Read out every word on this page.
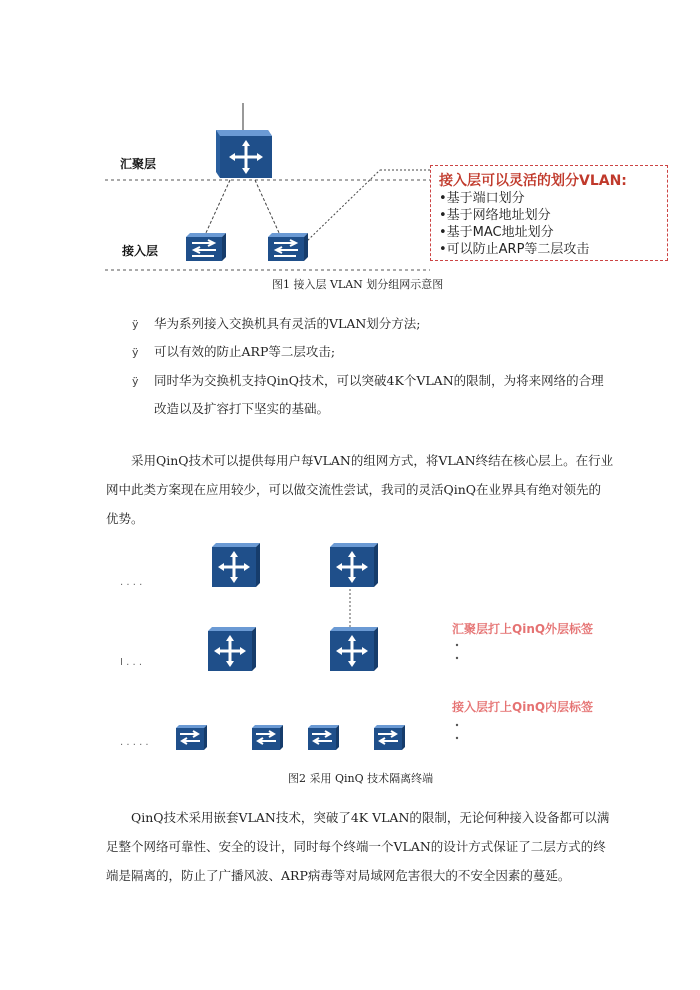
汇聚层
接入层
接入层可以灵活的划分VLAN:
•基于端口划分
•基于网络地址划分
•基于MAC地址划分
•可以防止ARP等二层攻击
图1 接入层 VLAN 划分组网示意图
ÿ 华为系列接入交换机具有灵活的VLAN划分方法;
ÿ 可以有效的防止ARP等二层攻击;
ÿ 同时华为交换机支持QinQ技术，可以突破4K个VLAN的限制，为将来网络的合理
改造以及扩容打下坚实的基础。
采用QinQ技术可以提供每用户每VLAN的组网方式，将VLAN终结在核心层上。在行业
网中此类方案现在应用较少，可以做交流性尝试，我司的灵活QinQ在业界具有绝对领先的
优势。
. . . .
I . . .
. . . . .
汇聚层打上QinQ外层标签
接入层打上QinQ内层标签
图2 采用 QinQ 技术隔离终端
QinQ技术采用嵌套VLAN技术，突破了4K VLAN的限制，无论何种接入设备都可以满
足整个网络可靠性、安全的设计，同时每个终端一个VLAN的设计方式保证了二层方式的终
端是隔离的，防止了广播风波、ARP病毒等对局域网危害很大的不安全因素的蔓延。
